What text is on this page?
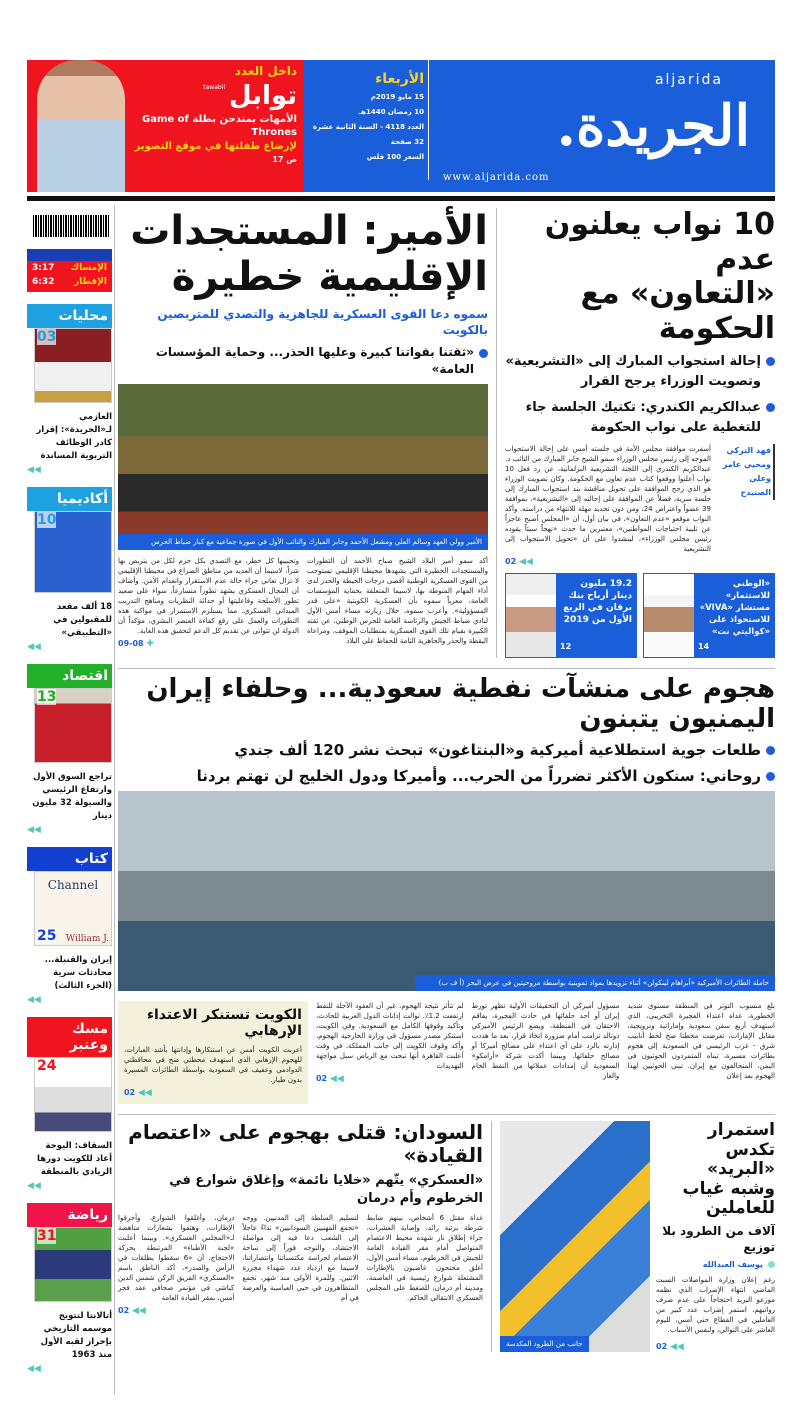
داخل العدد
توابل
tawabil
الأمهات يمتدحن بطلة Game of Thrones
لإرضاع طفلتها في موقع التصوير ص 17
الأربعاء
15 مايو 2019م
10 رمضان 1440هـ
العدد 4118 - السنة الثانية عشرة
32 صفحة
السعر 100 فلس
aljarida
الجريدة.
www.aljarida.com
الإمساك
3:17
الإفطار
6:32
محليات
03
العازمي لـ«الجريدة»: إقرار كادر الوظائف التربوية المساندة
◀◀
أكاديميا
10
18 ألف مقعد للمقبولين في «التطبيقي»
◀◀
اقتصاد
13
تراجع السوق الأول وارتفاع الرئيسي والسيولة 32 مليون دينار
◀◀
كتاب
Channel
25 William J.
إيران والقنبلة... محادثات سرية (الجزء الثالث)
◀◀
مسك وعنبر
24
السقاف: اليوحة أعاد للكويت دورها الريادي بالمنطقة
◀◀
رياضة
31
أتالانتا لتتويج موسمه التاريخي بإحراز لقبه الأول منذ 1963
◀◀
10 نواب يعلنون عدم
«التعاون» مع الحكومة
إحالة استجواب المبارك إلى «التشريعية» وتصويت الوزراء يرجح القرار
عبدالكريم الكندري: تكتيك الجلسة جاء للتغطية على نواب الحكومة
فهد التركي ومحيي عامر وعلي الصنيدح
أسفرت موافقة مجلس الأمة في جلسته أمس على إحالة الاستجواب الموجه إلى رئيس مجلس الوزراء سمو الشيخ جابر المبارك من النائب د. عبدالكريم الكندري إلى اللجنة التشريعية البرلمانية، عن رد فعل 10 نواب أعلنوا ووقعوا كتاب عدم تعاون مع الحكومة. وكان تصويت الوزراء هو الذي رجح الموافقة على تحويل مناقشة بند استجواب المبارك إلى جلسة سرية، فضلاً عن الموافقة على إحالته إلى «التشريعية»، بموافقة 39 عضواً واعتراض 24، ومن دون تحديد مهلة للانتهاء من دراسته. وأكد النواب موقعو «عدم التعاون»، في بيان أول، أن «المجلس أصبح عاجزاً عن تلبية احتياجات المواطنين»، معتبرين ما حدث «نهجاً سيئاً يقوده رئيس مجلس الوزراء»، لينشدوا على أن «تحويل الاستجواب إلى التشريعية
02 ◀◀
«الوطني للاستثمار» مستشار «VIVA» للاستحواذ على «كواليتي نت»
14
19.2 مليون دينار أرباح بنك برقان في الربع الأول من 2019
12
الأمير: المستجدات
الإقليمية خطيرة
سموه دعا القوى العسكرية للجاهزية والتصدي للمتربصين بالكويت
«ثقتنا بقواتنا كبيرة وعليها الحذر... وحماية المؤسسات العامة»
الأمير وولي العهد وسالم العلي ومشعل الأحمد وجابر المبارك والنائب الأول في صورة جماعية مع كبار ضباط الحرس
أكد سمو أمير البلاد الشيخ صباح الأحمد أن التطورات والمستجدات الخطيرة التي يشهدها محيطنا الإقليمي تستوجب من القوى العسكرية الوطنية أقصى درجات الحيطة والحذر لدى أداء المهام المنوطة بها، لاسيما المتعلقة بحماية المؤسسات العامة، معرباً سموه بأن العسكرية الكويتية «على قدر المسؤولية». وأعرب سموه، خلال زيارته مساء أمس الأول لنادي ضباط الجيش والرئاسة العامة للحرس الوطني، عن ثقته الكبيرة بقيام تلك القوى العسكرية بمتطلبات الموقف، ومراعاة اليقظة والحذر والجاهزية التامة للحفاظ على البلاد
وتجنيبها كل خطر، مع التصدي بكل حزم لكل من يتربص بها شراً، لاسيما أن العديد من مناطق الصراع في محيطنا الإقليمي لا تزال تعاني جراء حالة عدم الاستقرار وانعدام الأمن. وأضاف أن المجال العسكري يشهد تطوراً متسارعاً، سواء على صعيد تطور الأسلحة وفاعليتها أو حداثة النظريات ومناهج التدريب الميداني العسكري، مما يستلزم الاستمرار في مواكبة هذه التطورات والعمل على رفع كفاءة العنصر البشري، مؤكداً أن الدولة لن تتوانى عن تقديم كل الدعم لتحقيق هذه الغاية.
09-08 ✚
هجوم على منشآت نفطية سعودية... وحلفاء إيران اليمنيون يتبنون
طلعات جوية استطلاعية أميركية و«البنتاغون» تبحث نشر 120 ألف جندي
روحاني: سنكون الأكثر تضرراً من الحرب... وأميركا ودول الخليج لن تهتم بردنا
حاملة الطائرات الأميركية «أبراهام لينكولن» أثناء تزويدها بمواد تموينية بواسطة مروحيتين في عرض البحر (أ ف ب)
بلغ منسوب التوتر في المنطقة مستوى شديد الخطورة، غداة اعتداء الفجيرة التخريبي، الذي استهدف أربع سفن سعودية وإماراتية ونرويجية، مقابل الإمارات، تعرضت محطتا ضخ لخط أنابيب شرق - غرب الرئيسي في السعودية إلى هجوم بطائرات مسيرة، تبناه المتمردون الحوثيون في اليمن، المتحالفون مع إيران. تبني الحوثيين لهذا الهجوم بعد إعلان
مسؤول أميركي أن التحقيقات الأولية تظهر تورط إيران أو أحد حلفائها في حادث الفجيرة، يفاقم الاحتقان في المنطقة، ويضع الرئيس الأميركي دونالد ترامب أمام ضرورة اتخاذ قرار، بعد ما هددت إدارته بالرد على أي اعتداء على مصالح أميركا أو مصالح حلفائها. وبينما أكدت شركة «أرامكو» السعودية أن إمدادات عملائها من النفط الخام والغاز
لم تتأثر نتيجة الهجوم، غير أن العقود الآجلة للنفط ارتفعت 1.2٪. توالت إدانات الدول العربية للحادث، وتأكيد وقوفها الكامل مع السعودية. وفي الكويت، استنكر مصدر مسؤول في وزارة الخارجية الهجوم، وأكد وقوف الكويت إلى جانب المملكة، في وقت أعلنت القاهرة أنها تبحث مع الرياض سبل مواجهة التهديدات
02 ◀◀
الكويت تستنكر الاعتداء الإرهابي
أعربت الكويت أمس عن استنكارها وإدانتها بأشد العبارات، للهجوم الإرهابي الذي استهدف محطتي ضخ في محافظتي الدوادمي وعفيف في السعودية بواسطة الطائرات المسيرة بدون طيار.
02 ◀◀
استمرار تكدس «البريد»
وشبه غياب للعاملين
آلاف من الطرود بلا توزيع
يوسف العبدالله
رغم إعلان وزارة المواصلات السبت الماضي انتهاء الإضراب الذي نظمه موزعو البريد احتجاجاً على عدم صرف رواتبهم، استمر إضراب عدد كبير من العاملين في القطاع حتى أمس، لليوم العاشر على التوالي، ولنفس الأسباب.
02 ◀◀
جانب من الطرود المكدسة
السودان: قتلى بهجوم على «اعتصام القيادة»
«العسكري» يتّهم «خلايا نائمة» وإغلاق شوارع في الخرطوم وأم درمان
غداة مقتل 6 أشخاص، بينهم ضابط شرطة برتبة رائد، وإصابة العشرات، جراء إطلاق نار شهده محيط الاعتصام المتواصل أمام مقر القيادة العامة للجيش في الخرطوم، مساء أمس الأول، أغلق محتجون غاضبون بالإطارات المشتعلة شوارع رئيسية في العاصمة، ومدينة أم درمان، للضغط على المجلس العسكري الانتقالي الحاكم.
لتسليم السلطة إلى المدنيين. ووجه «تجمع المهنيين السودانيين» نداءً عاجلاً إلى الشعب دعا فيه إلى مواصلة الاحتشاد، والتوجه فوراً إلى ساحة الاعتصام لحراسة مكتسباتنا وانتصاراتنا، لاسيما مع ازدياد عدد شهداء مجزرة الاثنين. وللمرة الأولى منذ شهر، تجمع المتظاهرون في حيي العباسية والعرضة في أم
درمان، وأغلقوا الشوارع، وأحرقوا الإطارات، وهتفوا بشعارات مناهضة لـ«المجلس العسكري». وبينما أعلنت «لجنة الأطباء» المرتبطة بحركة الاحتجاج، أن «6 سقطوا بطلقات في الرأس والصدر»، أكد الناطق باسم «العسكري» الفريق الركن شمس الدين كباشي في مؤتمر صحافي عقد فجر أمس، بمقر القيادة العامة
02 ◀◀
